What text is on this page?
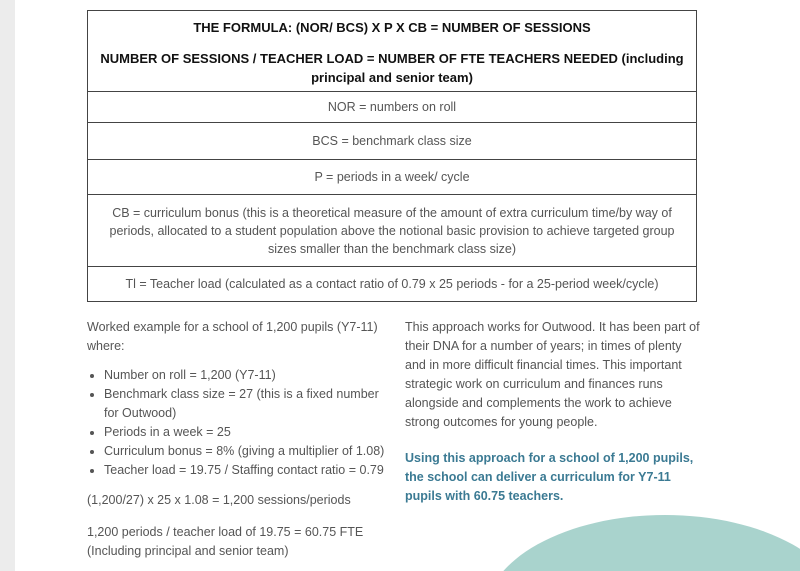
THE FORMULA: (NOR/ BCS) X P X CB = NUMBER OF SESSIONS
NUMBER OF SESSIONS / TEACHER LOAD = NUMBER OF FTE TEACHERS NEEDED (including principal and senior team)
NOR = numbers on roll
BCS = benchmark class size
P = periods in a week/ cycle
CB = curriculum bonus (this is a theoretical measure of the amount of extra curriculum time/by way of periods, allocated to a student population above the notional basic provision to achieve targeted group sizes smaller than the benchmark class size)
Tl = Teacher load (calculated as a contact ratio of 0.79 x 25 periods - for a 25-period week/cycle)

Worked example for a school of 1,200 pupils (Y7-11) where:

• Number on roll = 1,200 (Y7-11)
• Benchmark class size = 27 (this is a fixed number for Outwood)
• Periods in a week = 25
• Curriculum bonus = 8% (giving a multiplier of 1.08)
• Teacher load = 19.75 / Staffing contact ratio = 0.79

(1,200/27) x 25 x 1.08 = 1,200 sessions/periods

1,200 periods / teacher load of 19.75 = 60.75 FTE (Including principal and senior team)

This approach works for Outwood. It has been part of their DNA for a number of years; in times of plenty and in more difficult financial times. This important strategic work on curriculum and finances runs alongside and complements the work to achieve strong outcomes for young people.

Using this approach for a school of 1,200 pupils, the school can deliver a curriculum for Y7-11 pupils with 60.75 teachers.
